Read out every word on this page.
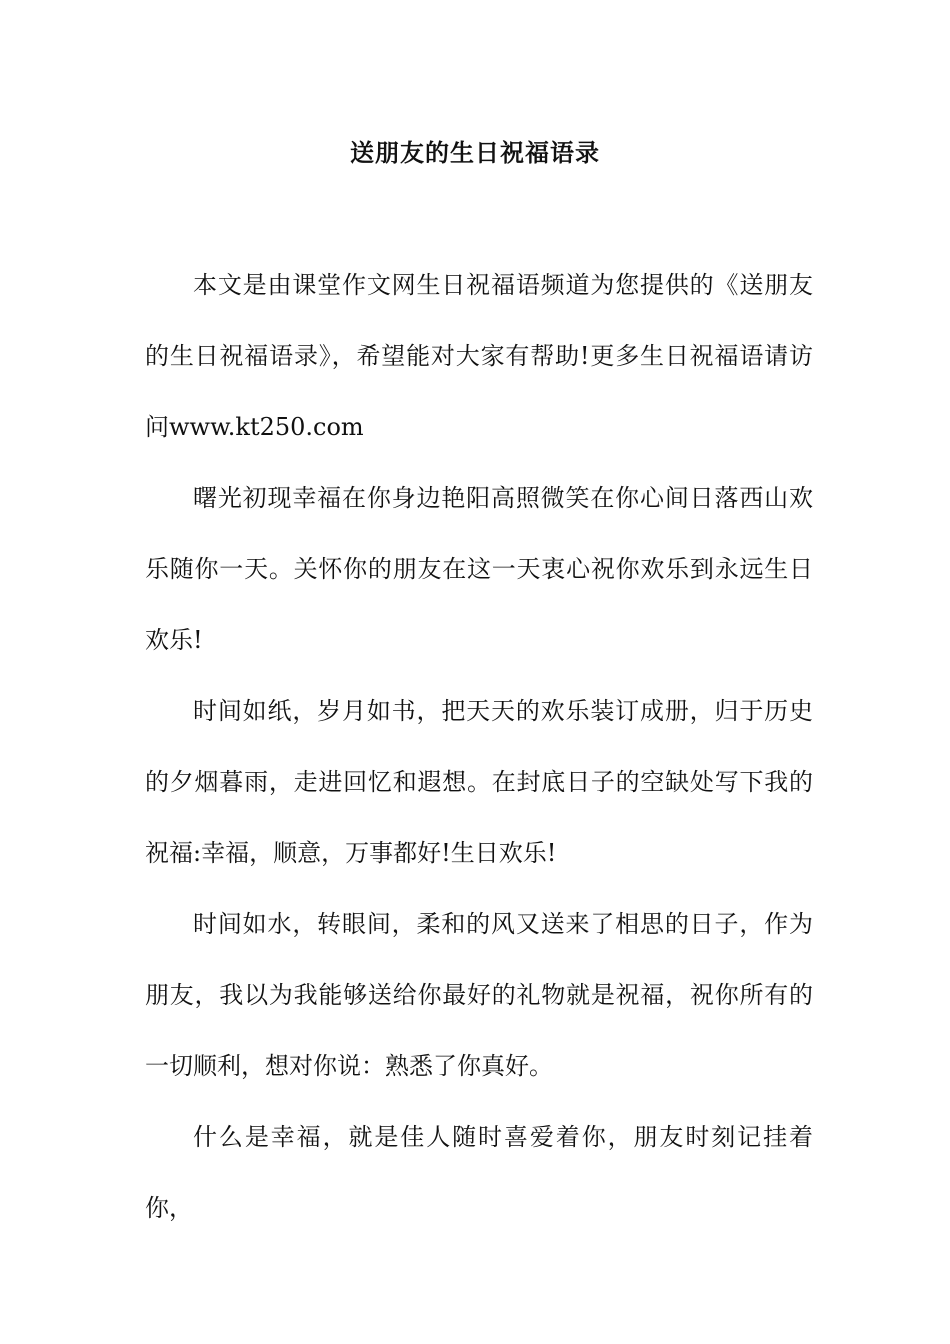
送朋友的生日祝福语录

本文是由课堂作文网生日祝福语频道为您提供的《送朋友的生日祝福语录》，希望能对大家有帮助!更多生日祝福语请访问www.kt250.com

曙光初现幸福在你身边艳阳高照微笑在你心间日落西山欢乐随你一天。关怀你的朋友在这一天衷心祝你欢乐到永远生日欢乐!

时间如纸，岁月如书，把天天的欢乐装订成册，归于历史的夕烟暮雨，走进回忆和遐想。在封底日子的空缺处写下我的祝福:幸福，顺意，万事都好!生日欢乐!

时间如水，转眼间，柔和的风又送来了相思的日子，作为朋友，我以为我能够送给你最好的礼物就是祝福，祝你所有的一切顺利，想对你说：熟悉了你真好。

什么是幸福，就是佳人随时喜爱着你，朋友时刻记挂着你，
